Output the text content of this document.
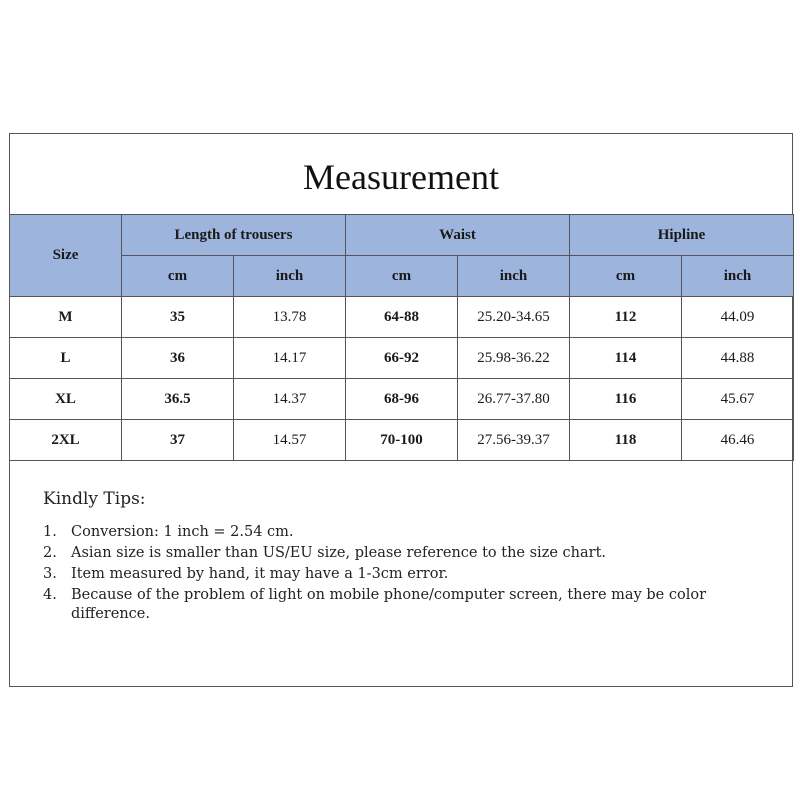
Measurement
Size	Length of trousers		Waist		Hipline	
	cm	inch	cm	inch	cm	inch
M	35	13.78	64-88	25.20-34.65	112	44.09
L	36	14.17	66-92	25.98-36.22	114	44.88
XL	36.5	14.37	68-96	26.77-37.80	116	45.67
2XL	37	14.57	70-100	27.56-39.37	118	46.46
Kindly Tips:
1. Conversion: 1 inch = 2.54 cm.
2. Asian size is smaller than US/EU size, please reference to the size chart.
3. Item measured by hand, it may have a 1-3cm error.
4. Because of the problem of light on mobile phone/computer screen, there may be color difference.
